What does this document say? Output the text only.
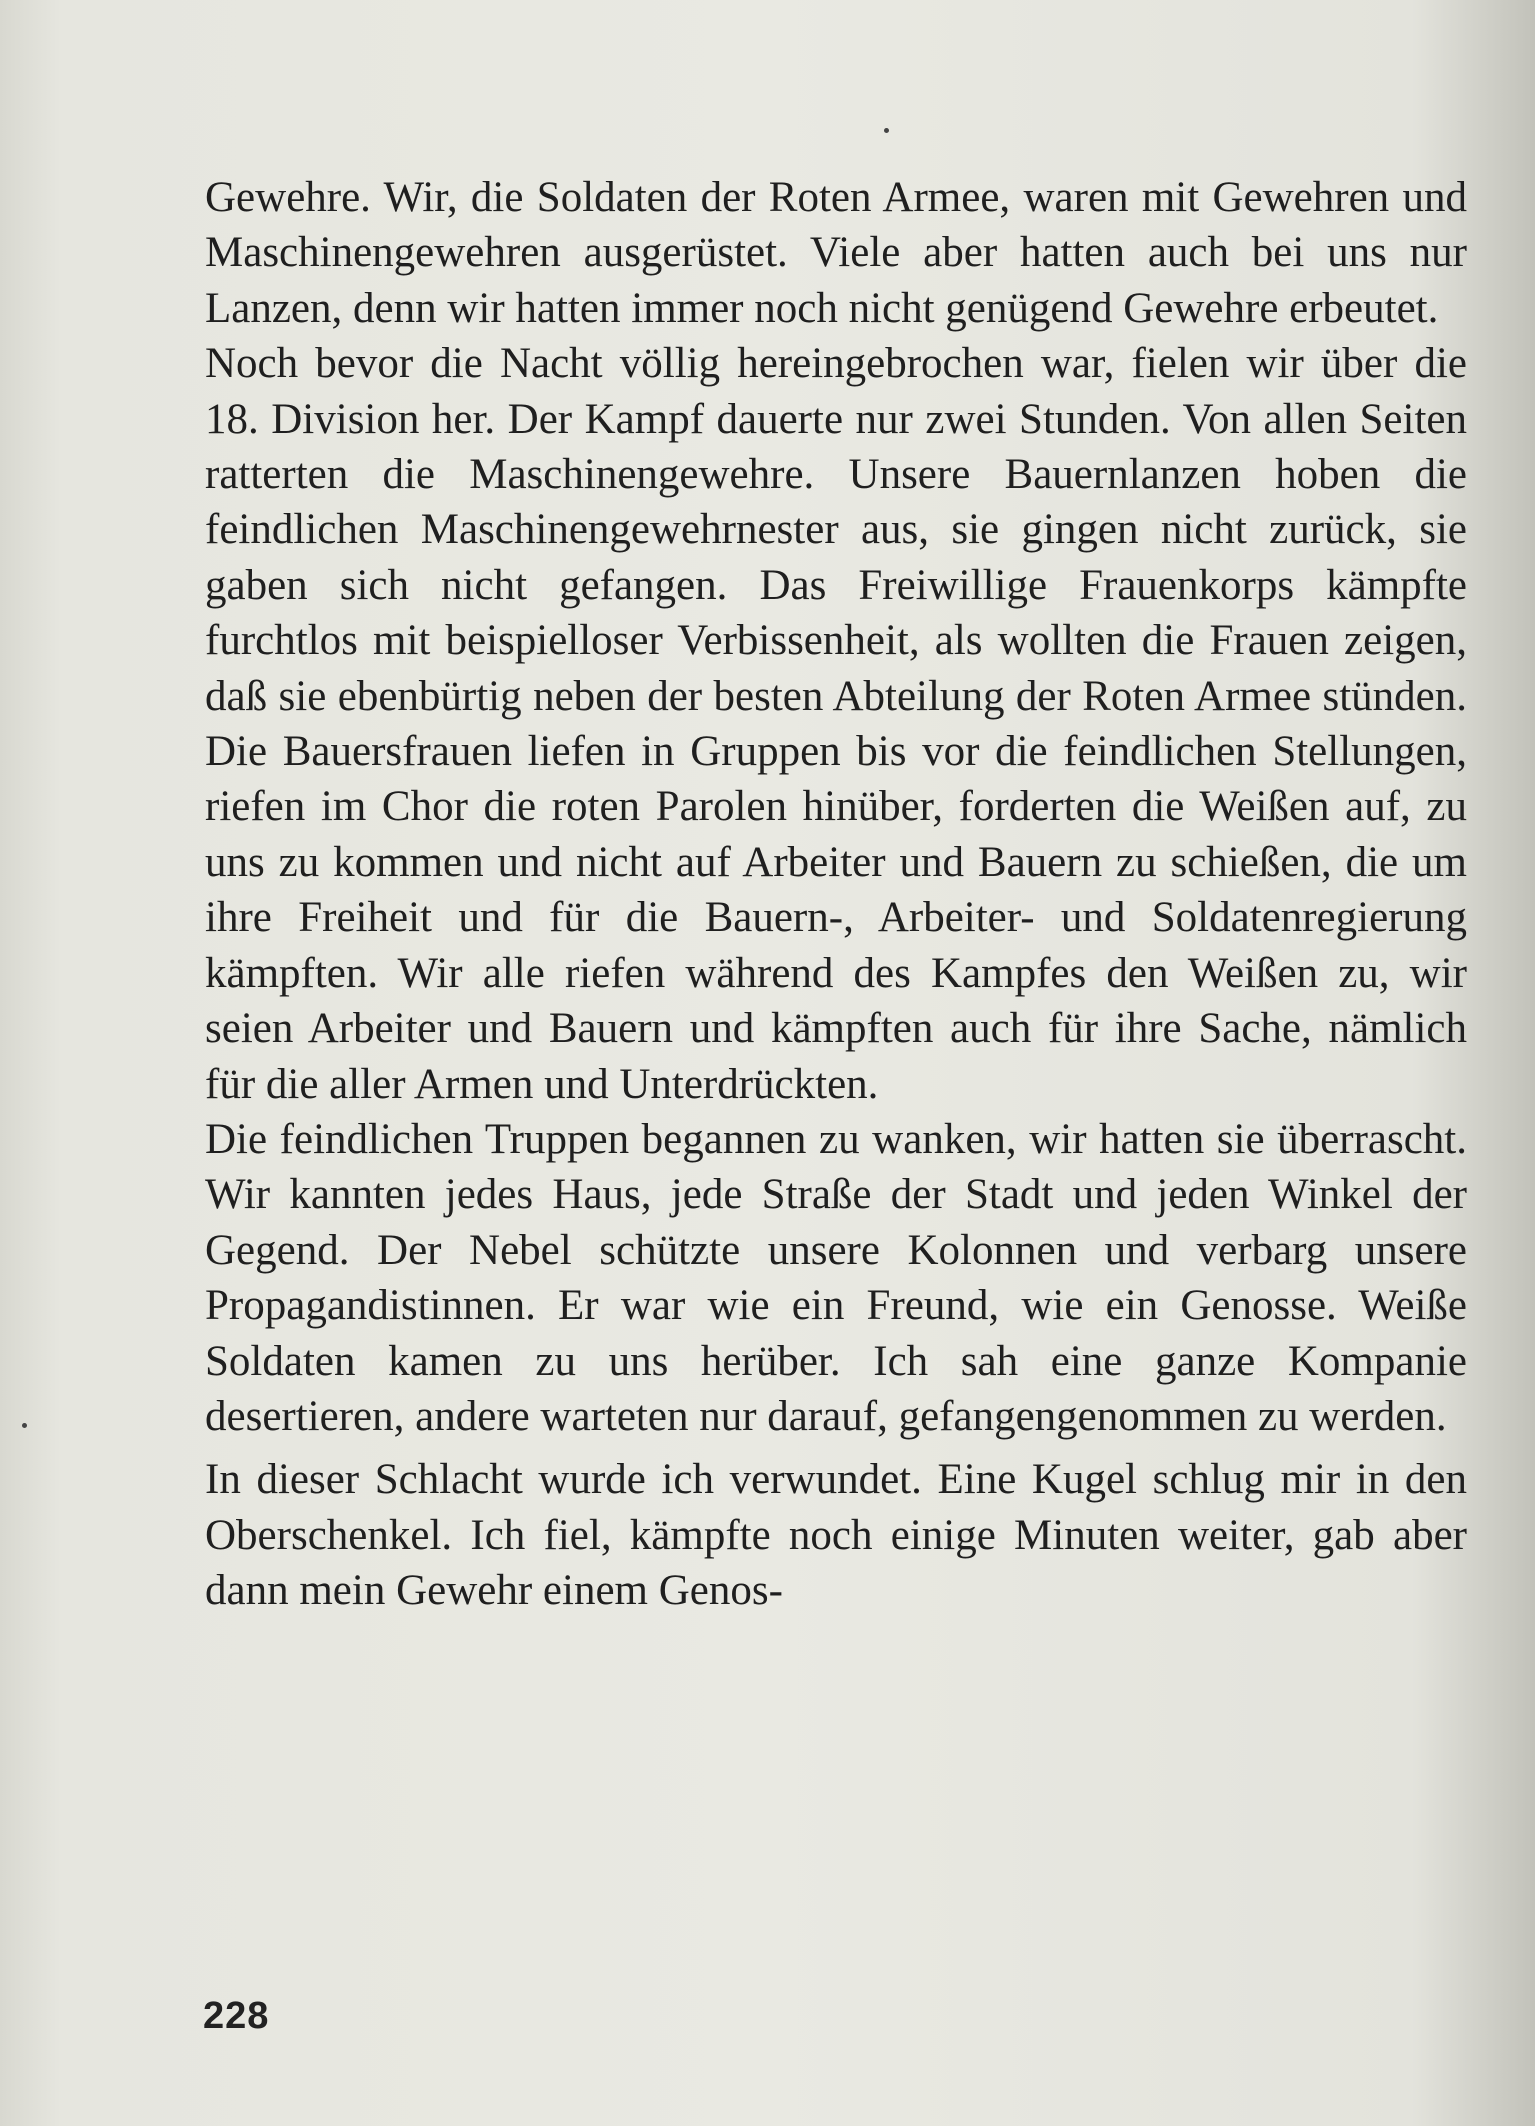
Gewehre. Wir, die Soldaten der Roten Armee, waren mit Gewehren und Maschinengewehren ausgerüstet. Viele aber hatten auch bei uns nur Lanzen, denn wir hatten immer noch nicht genügend Gewehre erbeutet.

Noch bevor die Nacht völlig hereingebrochen war, fielen wir über die 18. Division her. Der Kampf dauerte nur zwei Stunden. Von allen Seiten ratterten die Maschinengewehre. Unsere Bauernlanzen hoben die feindlichen Maschinengewehrnester aus, sie gingen nicht zurück, sie gaben sich nicht gefangen. Das Freiwillige Frauenkorps kämpfte furchtlos mit beispielloser Verbissenheit, als wollten die Frauen zeigen, daß sie ebenbürtig neben der besten Abteilung der Roten Armee stünden. Die Bauersfrauen liefen in Gruppen bis vor die feindlichen Stellungen, riefen im Chor die roten Parolen hinüber, forderten die Weißen auf, zu uns zu kommen und nicht auf Arbeiter und Bauern zu schießen, die um ihre Freiheit und für die Bauern-, Arbeiter- und Soldatenregierung kämpften. Wir alle riefen während des Kampfes den Weißen zu, wir seien Arbeiter und Bauern und kämpften auch für ihre Sache, nämlich für die aller Armen und Unterdrückten.

Die feindlichen Truppen begannen zu wanken, wir hatten sie überrascht. Wir kannten jedes Haus, jede Straße der Stadt und jeden Winkel der Gegend. Der Nebel schützte unsere Kolonnen und verbarg unsere Propagandistinnen. Er war wie ein Freund, wie ein Genosse. Weiße Soldaten kamen zu uns herüber. Ich sah eine ganze Kompanie desertieren, andere warteten nur darauf, gefangengenommen zu werden.

In dieser Schlacht wurde ich verwundet. Eine Kugel schlug mir in den Oberschenkel. Ich fiel, kämpfte noch einige Minuten weiter, gab aber dann mein Gewehr einem Genos-

228
